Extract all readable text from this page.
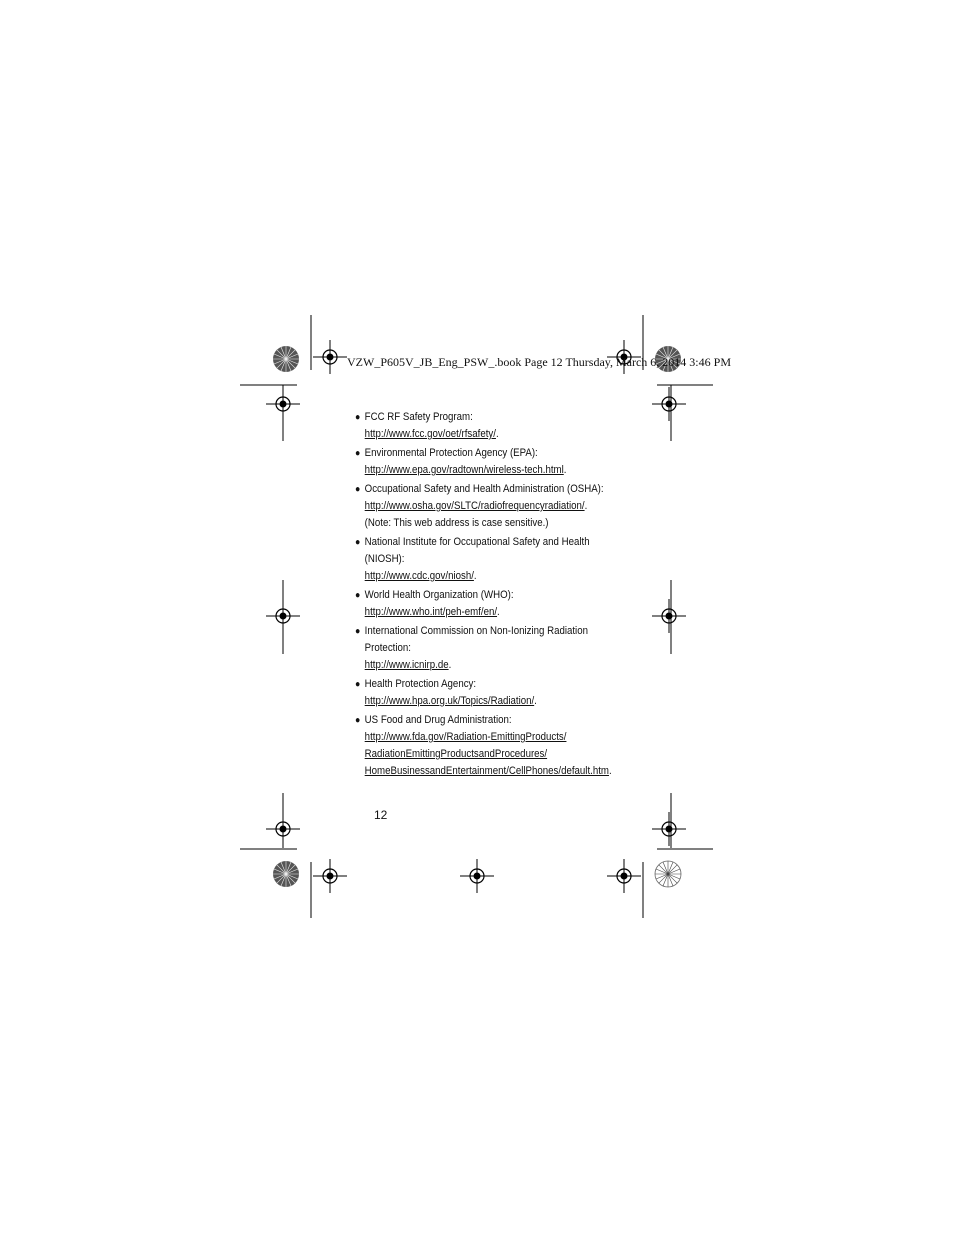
VZW_P605V_JB_Eng_PSW_.book Page 12 Thursday, March 6, 2014 3:46 PM
● FCC RF Safety Program:
http://www.fcc.gov/oet/rfsafety/.
● Environmental Protection Agency (EPA):
http://www.epa.gov/radtown/wireless-tech.html.
● Occupational Safety and Health Administration (OSHA):
http://www.osha.gov/SLTC/radiofrequencyradiation/.
(Note: This web address is case sensitive.)
● National Institute for Occupational Safety and Health
(NIOSH):
http://www.cdc.gov/niosh/.
● World Health Organization (WHO):
http://www.who.int/peh-emf/en/.
● International Commission on Non-Ionizing Radiation
Protection:
http://www.icnirp.de.
● Health Protection Agency:
http://www.hpa.org.uk/Topics/Radiation/.
● US Food and Drug Administration:
http://www.fda.gov/Radiation-EmittingProducts/
RadiationEmittingProductsandProcedures/
HomeBusinessandEntertainment/CellPhones/default.htm.
12
